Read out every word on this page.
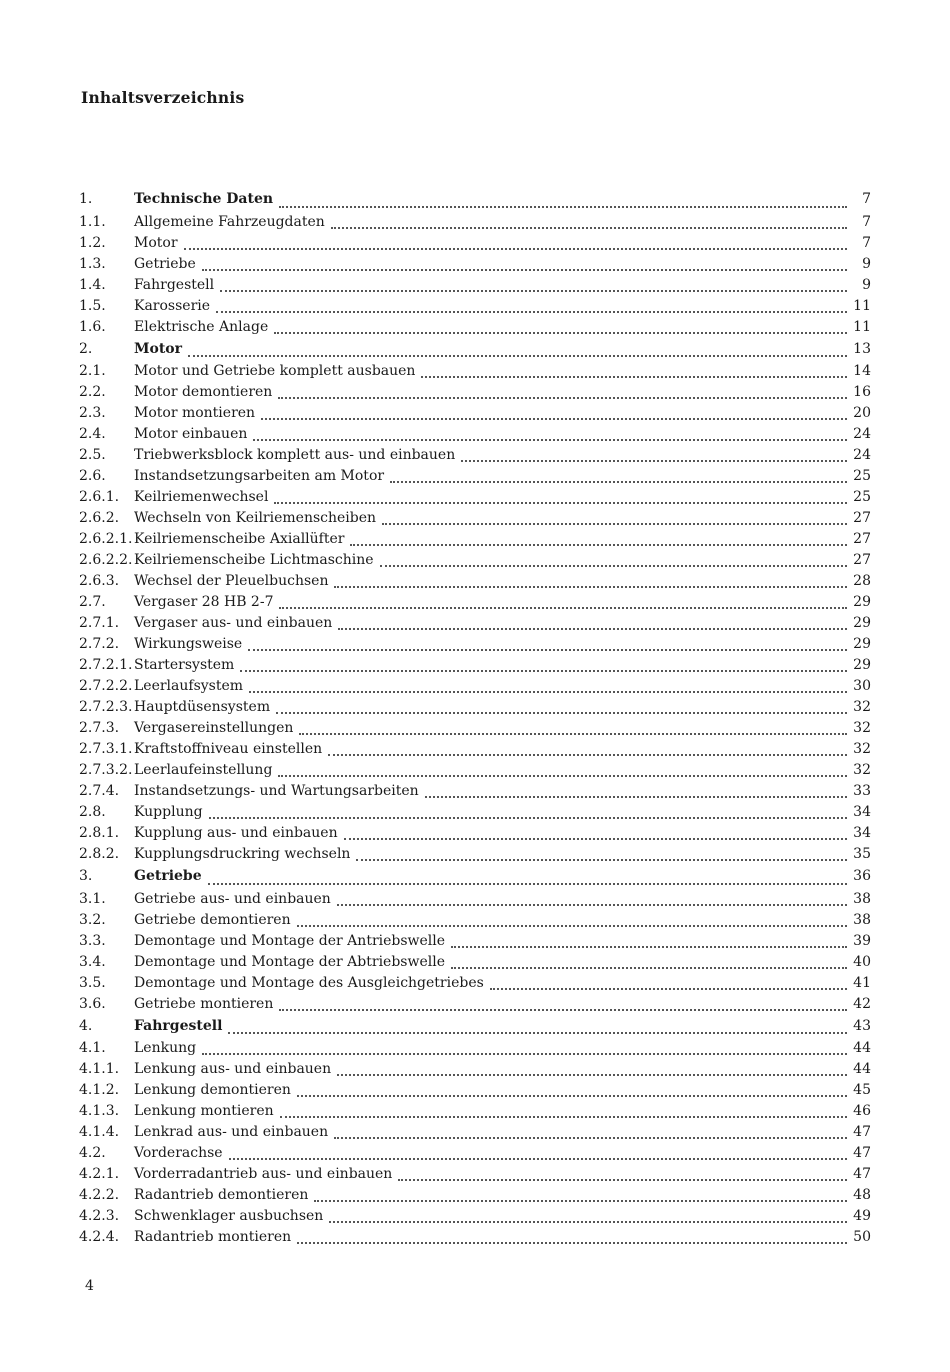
Inhaltsverzeichnis
1.	Technische Daten	7
1.1.	Allgemeine Fahrzeugdaten	7
1.2.	Motor	7
1.3.	Getriebe	9
1.4.	Fahrgestell	9
1.5.	Karosserie	11
1.6.	Elektrische Anlage	11
2.	Motor	13
2.1.	Motor und Getriebe komplett ausbauen	14
2.2.	Motor demontieren	16
2.3.	Motor montieren	20
2.4.	Motor einbauen	24
2.5.	Triebwerksblock komplett aus- und einbauen	24
2.6.	Instandsetzungsarbeiten am Motor	25
2.6.1.	Keilriemenwechsel	25
2.6.2.	Wechseln von Keilriemenscheiben	27
2.6.2.1. Keilriemenscheibe Axiallüfter	27
2.6.2.2. Keilriemenscheibe Lichtmaschine	27
2.6.3.	Wechsel der Pleuelbuchsen	28
2.7.	Vergaser 28 HB 2-7	29
2.7.1.	Vergaser aus- und einbauen	29
2.7.2.	Wirkungsweise	29
2.7.2.1. Startersystem	29
2.7.2.2. Leerlaufsystem	30
2.7.2.3. Hauptdüsensystem	32
2.7.3.	Vergasereinstellungen	32
2.7.3.1. Kraftstoffniveau einstellen	32
2.7.3.2. Leerlaufeinstellung	32
2.7.4.	Instandsetzungs- und Wartungsarbeiten	33
2.8.	Kupplung	34
2.8.1.	Kupplung aus- und einbauen	34
2.8.2.	Kupplungsdruckring wechseln	35
3.	Getriebe	36
3.1.	Getriebe aus- und einbauen	38
3.2.	Getriebe demontieren	38
3.3.	Demontage und Montage der Antriebswelle	39
3.4.	Demontage und Montage der Abtriebswelle	40
3.5.	Demontage und Montage des Ausgleichgetriebes	41
3.6.	Getriebe montieren	42
4.	Fahrgestell	43
4.1.	Lenkung	44
4.1.1.	Lenkung aus- und einbauen	44
4.1.2.	Lenkung demontieren	45
4.1.3.	Lenkung montieren	46
4.1.4.	Lenkrad aus- und einbauen	47
4.2.	Vorderachse	47
4.2.1.	Vorderradantrieb aus- und einbauen	47
4.2.2.	Radantrieb demontieren	48
4.2.3.	Schwenklager ausbuchsen	49
4.2.4.	Radantrieb montieren	50
4
